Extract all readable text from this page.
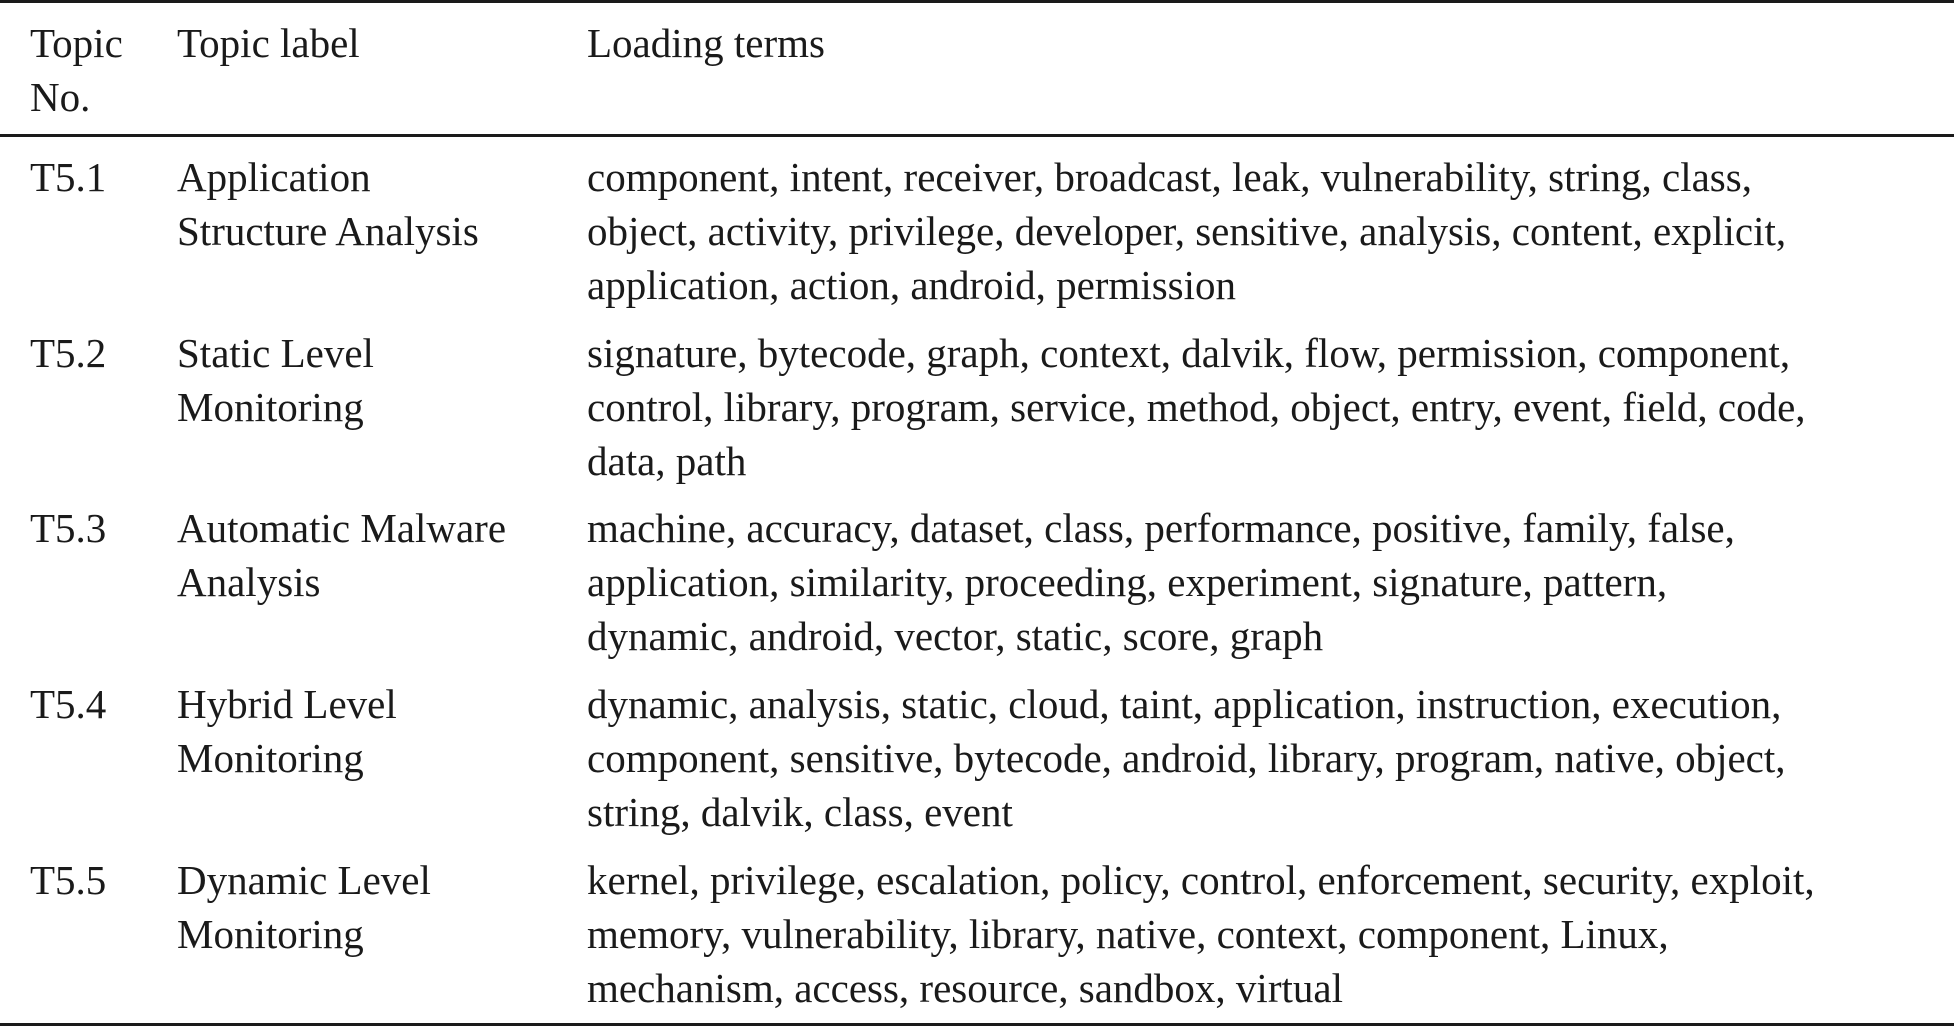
Topic
No.
Topic label	Loading terms
T5.1 Application
Structure Analysis
component, intent, receiver, broadcast, leak, vulnerability, string, class,
object, activity, privilege, developer, sensitive, analysis, content, explicit,
application, action, android, permission
T5.2 Static Level
Monitoring
signature, bytecode, graph, context, dalvik, flow, permission, component,
control, library, program, service, method, object, entry, event, field, code,
data, path
T5.3 Automatic Malware
Analysis
machine, accuracy, dataset, class, performance, positive, family, false,
application, similarity, proceeding, experiment, signature, pattern,
dynamic, android, vector, static, score, graph
T5.4 Hybrid Level
Monitoring
dynamic, analysis, static, cloud, taint, application, instruction, execution,
component, sensitive, bytecode, android, library, program, native, object,
string, dalvik, class, event
T5.5 Dynamic Level
Monitoring
kernel, privilege, escalation, policy, control, enforcement, security, exploit,
memory, vulnerability, library, native, context, component, Linux,
mechanism, access, resource, sandbox, virtual
